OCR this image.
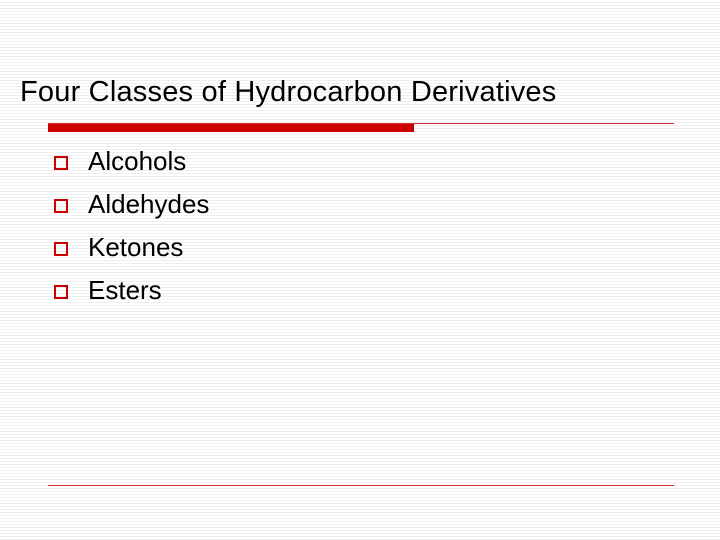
Four Classes of Hydrocarbon Derivatives
Alcohols
Aldehydes
Ketones
Esters
